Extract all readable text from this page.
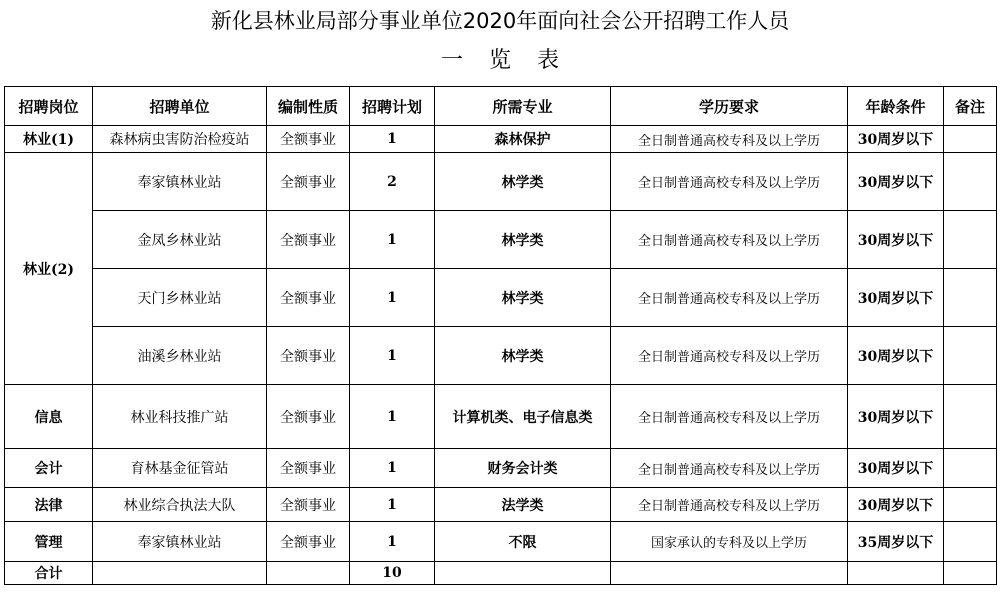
新化县林业局部分事业单位2020年面向社会公开招聘工作人员
一览表
招聘岗位	招聘单位	编制性质	招聘计划	所需专业	学历要求	年龄条件	备注
林业(1)	森林病虫害防治检疫站	全额事业	1	森林保护	全日制普通高校专科及以上学历	30周岁以下	
林业(2)	奉家镇林业站	全额事业	2	林学类	全日制普通高校专科及以上学历	30周岁以下	
	金凤乡林业站	全额事业	1	林学类	全日制普通高校专科及以上学历	30周岁以下	
	天门乡林业站	全额事业	1	林学类	全日制普通高校专科及以上学历	30周岁以下	
	油溪乡林业站	全额事业	1	林学类	全日制普通高校专科及以上学历	30周岁以下	
信息	林业科技推广站	全额事业	1	计算机类、电子信息类	全日制普通高校专科及以上学历	30周岁以下	
会计	育林基金征管站	全额事业	1	财务会计类	全日制普通高校专科及以上学历	30周岁以下	
法律	林业综合执法大队	全额事业	1	法学类	全日制普通高校专科及以上学历	30周岁以下	
管理	奉家镇林业站	全额事业	1	不限	国家承认的专科及以上学历	35周岁以下	
合计			10				
